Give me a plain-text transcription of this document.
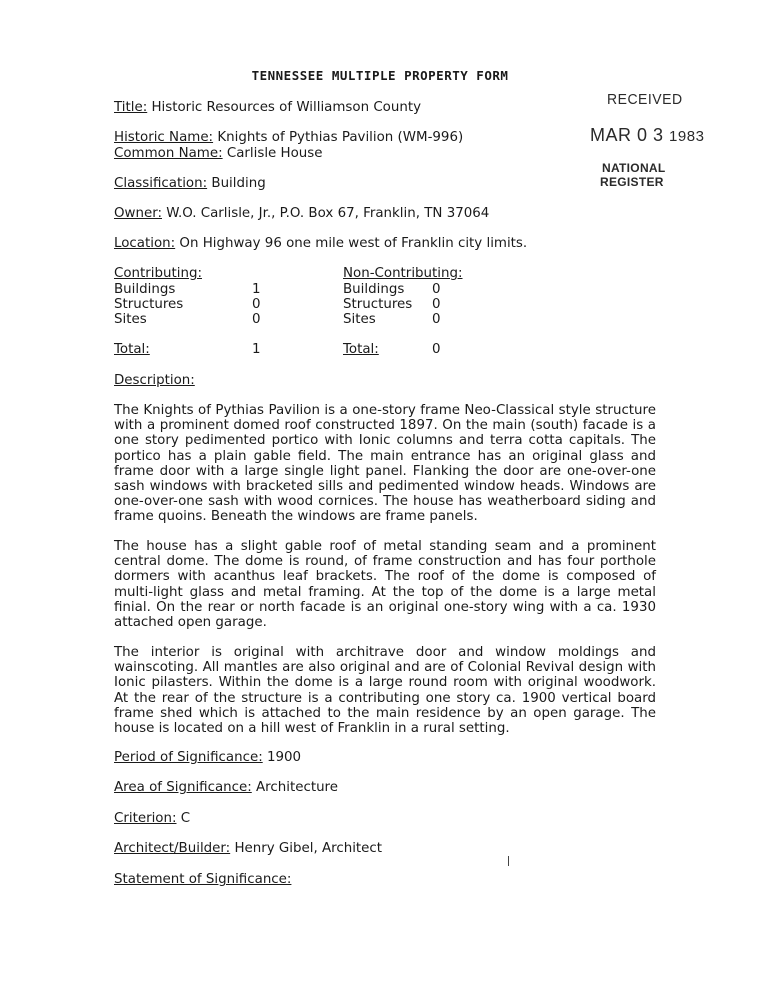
TENNESSEE MULTIPLE PROPERTY FORM
RECEIVED
MAR 0 3 1983
NATIONAL
REGISTER
Title: Historic Resources of Williamson County
Historic Name: Knights of Pythias Pavilion (WM-996)
Common Name: Carlisle House
Classification: Building
Owner: W.O. Carlisle, Jr., P.O. Box 67, Franklin, TN 37064
Location: On Highway 96 one mile west of Franklin city limits.
Contributing:	Non-Contributing:
Buildings	1	Buildings 0
Structures	0	Structures 0
Sites	0	Sites	0
Total:	1	Total:	0
Description:
The Knights of Pythias Pavilion is a one-story frame Neo-Classical style structure with a prominent domed roof constructed 1897. On the main (south) facade is a one story pedimented portico with Ionic columns and terra cotta capitals. The portico has a plain gable field. The main entrance has an original glass and frame door with a large single light panel. Flanking the door are one-over-one sash windows with bracketed sills and pedimented window heads. Windows are one-over-one sash with wood cornices. The house has weatherboard siding and frame quoins. Beneath the windows are frame panels.
The house has a slight gable roof of metal standing seam and a prominent central dome. The dome is round, of frame construction and has four porthole dormers with acanthus leaf brackets. The roof of the dome is composed of multi-light glass and metal framing. At the top of the dome is a large metal finial. On the rear or north facade is an original one-story wing with a ca. 1930 attached open garage.
The interior is original with architrave door and window moldings and wainscoting. All mantles are also original and are of Colonial Revival design with Ionic pilasters. Within the dome is a large round room with original woodwork. At the rear of the structure is a contributing one story ca. 1900 vertical board frame shed which is attached to the main residence by an open garage. The house is located on a hill west of Franklin in a rural setting.
Period of Significance: 1900
Area of Significance: Architecture
Criterion: C
Architect/Builder: Henry Gibel, Architect
Statement of Significance:
